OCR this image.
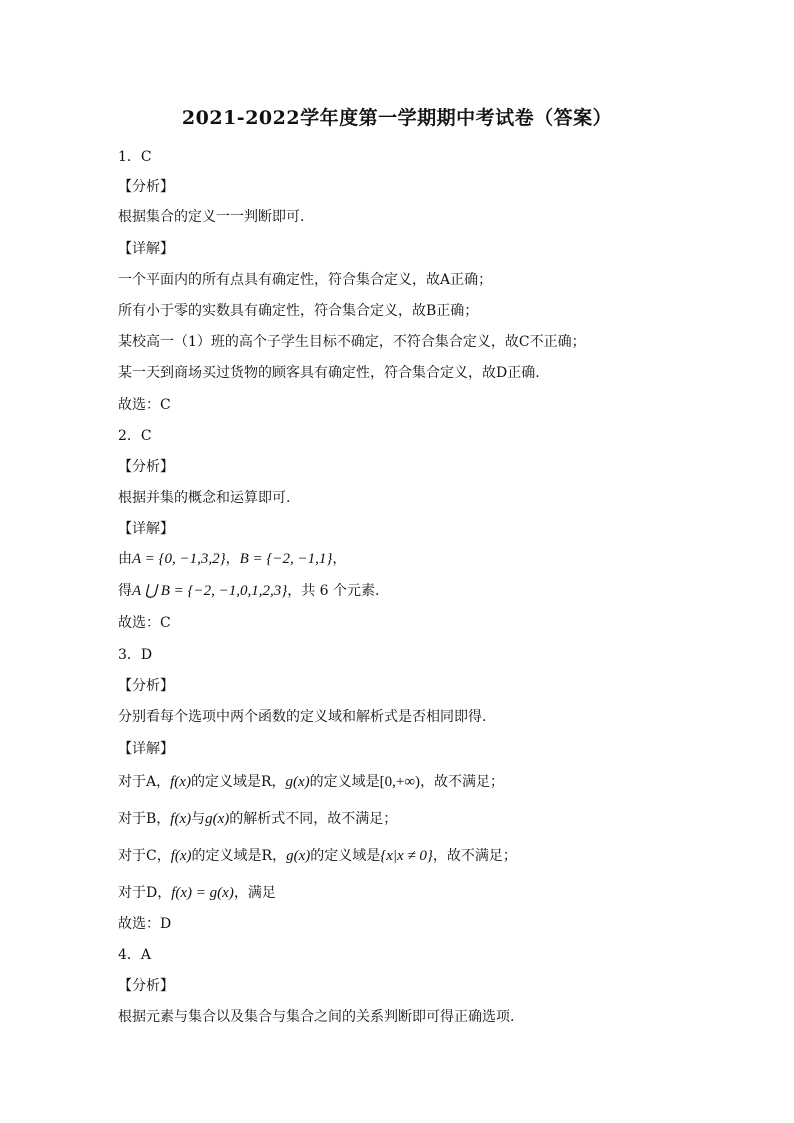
2021-2022学年度第一学期期中考试卷（答案）
1．C
【分析】
根据集合的定义一一判断即可.
【详解】
一个平面内的所有点具有确定性，符合集合定义，故A正确；
所有小于零的实数具有确定性，符合集合定义，故B正确；
某校高一（1）班的高个子学生目标不确定，不符合集合定义，故C不正确；
某一天到商场买过货物的顾客具有确定性，符合集合定义，故D正确.
故选：C
2．C
【分析】
根据并集的概念和运算即可.
【详解】
由A = {0, −1,3,2}，B = {−2, −1,1}，
得A ⋃ B = {−2, −1,0,1,2,3}，共 6 个元素.
故选：C
3．D
【分析】
分别看每个选项中两个函数的定义域和解析式是否相同即得.
【详解】
对于A，f(x)的定义域是R，g(x)的定义域是[0,+∞)，故不满足；
对于B，f(x)与g(x)的解析式不同，故不满足；
对于C，f(x)的定义域是R，g(x)的定义域是{x|x ≠ 0}，故不满足；
对于D，f(x) = g(x)，满足
故选：D
4．A
【分析】
根据元素与集合以及集合与集合之间的关系判断即可得正确选项.
